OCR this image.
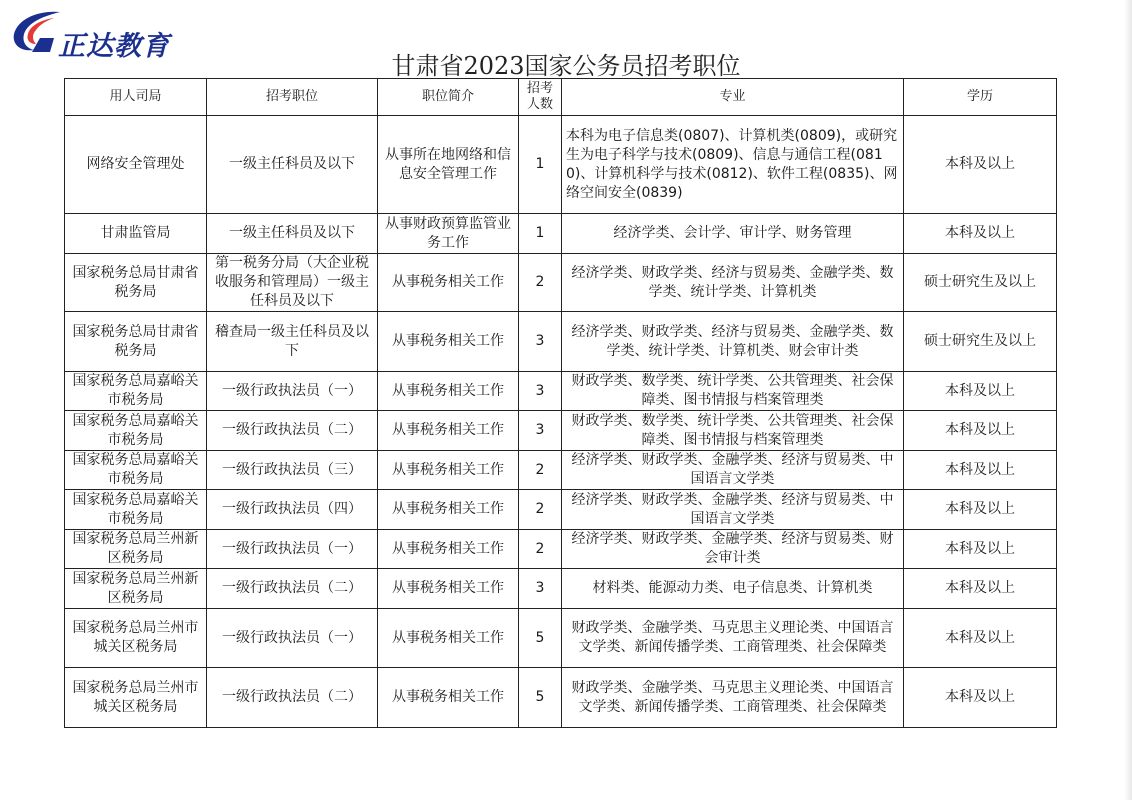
正达教育
甘肃省2023国家公务员招考职位
用人司局	招考职位	职位简介	招考人数	专业	学历
网络安全管理处	一级主任科员及以下	从事所在地网络和信息安全管理工作	1	本科为电子信息类(0807)、计算机类(0809)，或研究生为电子科学与技术(0809)、信息与通信工程(0810)、计算机科学与技术(0812)、软件工程(0835)、网络空间安全(0839)	本科及以上
甘肃监管局	一级主任科员及以下	从事财政预算监管业务工作	1	经济学类、会计学、审计学、财务管理	本科及以上
国家税务总局甘肃省税务局	第一税务分局（大企业税收服务和管理局）一级主任科员及以下	从事税务相关工作	2	经济学类、财政学类、经济与贸易类、金融学类、数学类、统计学类、计算机类	硕士研究生及以上
国家税务总局甘肃省税务局	稽查局一级主任科员及以下	从事税务相关工作	3	经济学类、财政学类、经济与贸易类、金融学类、数学类、统计学类、计算机类、财会审计类	硕士研究生及以上
国家税务总局嘉峪关市税务局	一级行政执法员（一）	从事税务相关工作	3	财政学类、数学类、统计学类、公共管理类、社会保障类、图书情报与档案管理类	本科及以上
国家税务总局嘉峪关市税务局	一级行政执法员（二）	从事税务相关工作	3	财政学类、数学类、统计学类、公共管理类、社会保障类、图书情报与档案管理类	本科及以上
国家税务总局嘉峪关市税务局	一级行政执法员（三）	从事税务相关工作	2	经济学类、财政学类、金融学类、经济与贸易类、中国语言文学类	本科及以上
国家税务总局嘉峪关市税务局	一级行政执法员（四）	从事税务相关工作	2	经济学类、财政学类、金融学类、经济与贸易类、中国语言文学类	本科及以上
国家税务总局兰州新区税务局	一级行政执法员（一）	从事税务相关工作	2	经济学类、财政学类、金融学类、经济与贸易类、财会审计类	本科及以上
国家税务总局兰州新区税务局	一级行政执法员（二）	从事税务相关工作	3	材料类、能源动力类、电子信息类、计算机类	本科及以上
国家税务总局兰州市城关区税务局	一级行政执法员（一）	从事税务相关工作	5	财政学类、金融学类、马克思主义理论类、中国语言文学类、新闻传播学类、工商管理类、社会保障类	本科及以上
国家税务总局兰州市城关区税务局	一级行政执法员（二）	从事税务相关工作	5	财政学类、金融学类、马克思主义理论类、中国语言文学类、新闻传播学类、工商管理类、社会保障类	本科及以上
